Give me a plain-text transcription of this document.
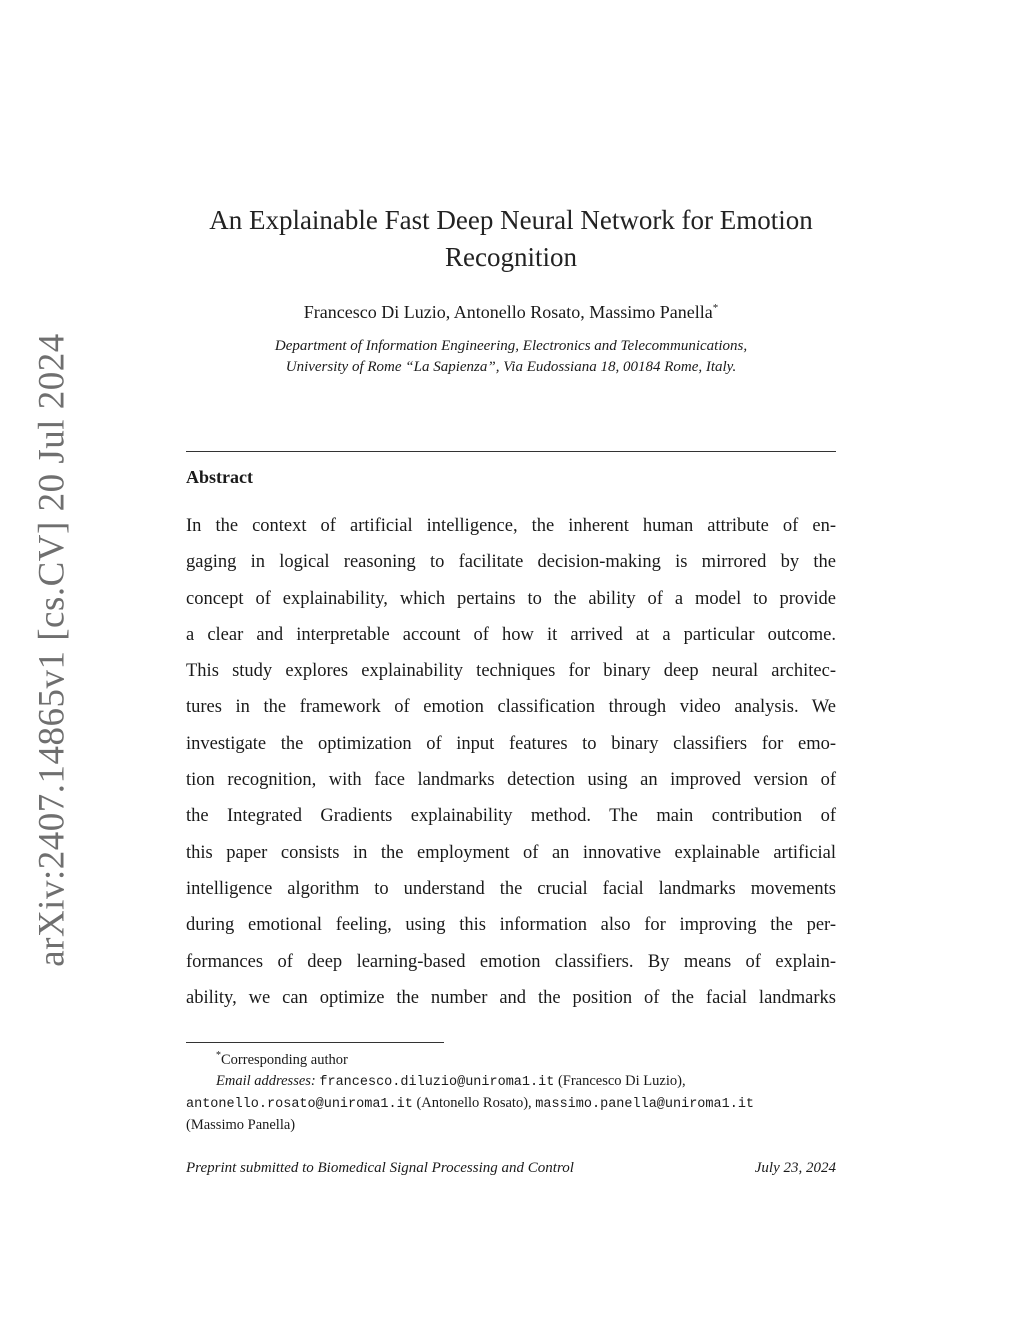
arXiv:2407.14865v1 [cs.CV] 20 Jul 2024
An Explainable Fast Deep Neural Network for Emotion
Recognition
Francesco Di Luzio, Antonello Rosato, Massimo Panella*
Department of Information Engineering, Electronics and Telecommunications,
University of Rome “La Sapienza”, Via Eudossiana 18, 00184 Rome, Italy.
Abstract
In the context of artificial intelligence, the inherent human attribute of en-
gaging in logical reasoning to facilitate decision-making is mirrored by the
concept of explainability, which pertains to the ability of a model to provide
a clear and interpretable account of how it arrived at a particular outcome.
This study explores explainability techniques for binary deep neural architec-
tures in the framework of emotion classification through video analysis. We
investigate the optimization of input features to binary classifiers for emo-
tion recognition, with face landmarks detection using an improved version of
the Integrated Gradients explainability method. The main contribution of
this paper consists in the employment of an innovative explainable artificial
intelligence algorithm to understand the crucial facial landmarks movements
during emotional feeling, using this information also for improving the per-
formances of deep learning-based emotion classifiers. By means of explain-
ability, we can optimize the number and the position of the facial landmarks
*Corresponding author
Email addresses: francesco.diluzio@uniroma1.it (Francesco Di Luzio),
antonello.rosato@uniroma1.it (Antonello Rosato), massimo.panella@uniroma1.it
(Massimo Panella)
Preprint submitted to Biomedical Signal Processing and Control	July 23, 2024
